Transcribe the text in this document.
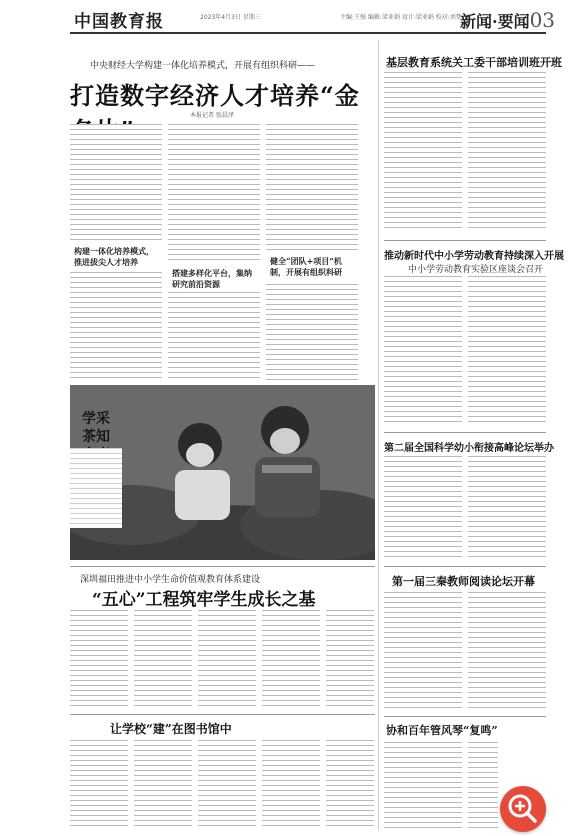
中国教育报	2023年4月3日 星期三	主编:王强 编辑:梁亚娟 设计:梁亚娟 校对:刘梦
新闻·要闻03
中央财经大学构建一体化培养模式，开展有组织科研——
打造数字经济人才培养“金
本报记者 张晨泽
构建一体化培养模式，推进拔尖人才培养
搭建多样化平台，集纳研究前沿资源
健全“团队+项目”机制，开展有组织科研
学采茶知
深圳福田推进中小学生命价值观教育体系建设
“五心”工程筑牢学生成长之基
让学校“建”在图书馆中
基层教育系统关工委干部培训班开班
推动新时代中小学劳动教育持续深入开展
中小学劳动教育实验区座谈会召开
第二届全国科学幼小衔接高峰论坛举办
第一届三秦教师阅读论坛开幕
协和百年管风琴“复鸣”
